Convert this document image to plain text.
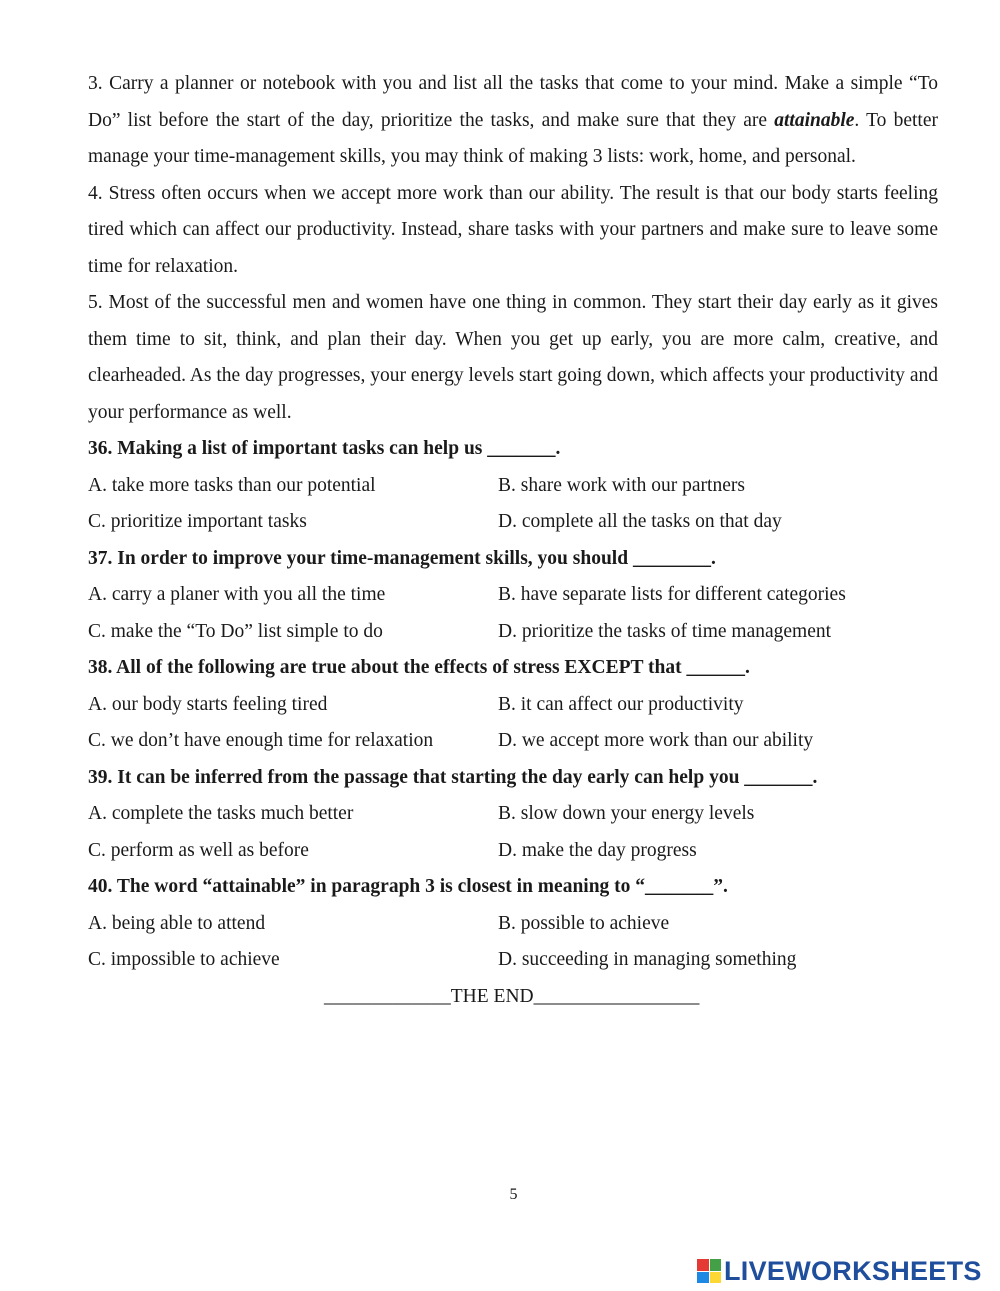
3. Carry a planner or notebook with you and list all the tasks that come to your mind. Make a simple “To Do” list before the start of the day, prioritize the tasks, and make sure that they are attainable. To better manage your time-management skills, you may think of making 3 lists: work, home, and personal.

4. Stress often occurs when we accept more work than our ability. The result is that our body starts feeling tired which can affect our productivity. Instead, share tasks with your partners and make sure to leave some time for relaxation.

5. Most of the successful men and women have one thing in common. They start their day early as it gives them time to sit, think, and plan their day. When you get up early, you are more calm, creative, and clearheaded. As the day progresses, your energy levels start going down, which affects your productivity and your performance as well.

36. Making a list of important tasks can help us _______.

A. take more tasks than our potential	B. share work with our partners
C. prioritize important tasks	D. complete all the tasks on that day

37. In order to improve your time-management skills, you should ________.

A. carry a planer with you all the time	B. have separate lists for different categories
C. make the “To Do” list simple to do	D. prioritize the tasks of time management

38. All of the following are true about the effects of stress EXCEPT that ______.

A. our body starts feeling tired	B. it can affect our productivity
C. we don’t have enough time for relaxation	D. we accept more work than our ability

39. It can be inferred from the passage that starting the day early can help you _______.

A. complete the tasks much better	B. slow down your energy levels
C. perform as well as before	D. make the day progress

40. The word “attainable” in paragraph 3 is closest in meaning to “_______”.

A. being able to attend	B. possible to achieve
C. impossible to achieve	D. succeeding in managing something
_____________THE END_________________
5
LIVEWORKSHEETS
